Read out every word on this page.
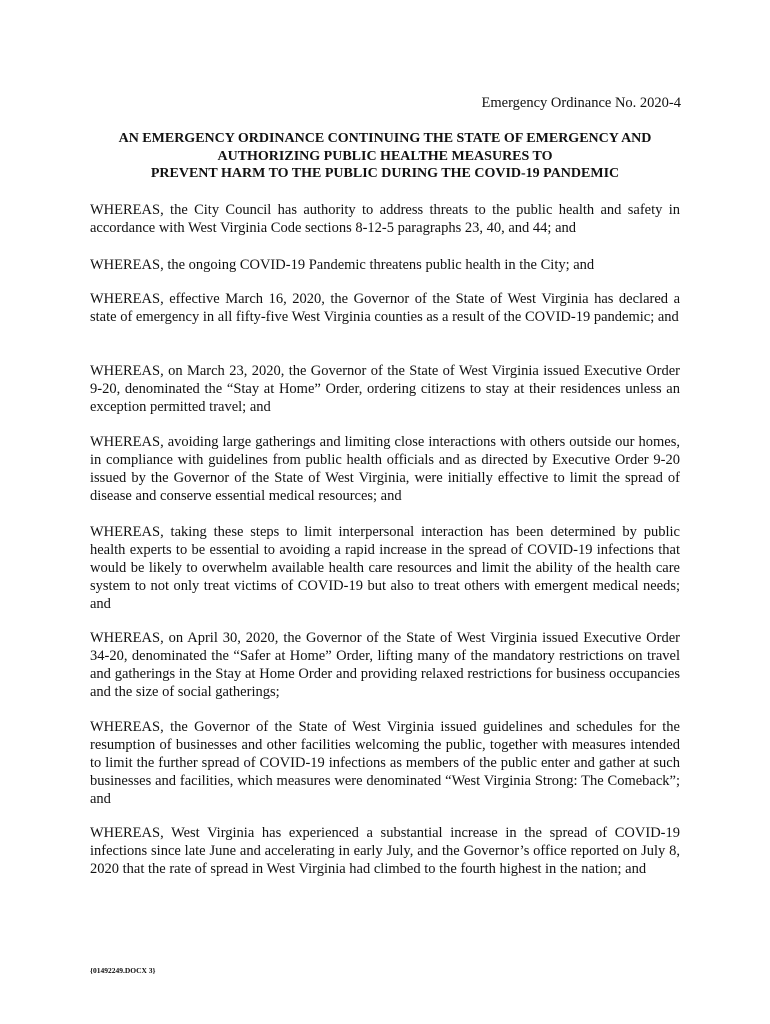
Emergency Ordinance No. 2020-4
AN EMERGENCY ORDINANCE CONTINUING THE STATE OF EMERGENCY AND
AUTHORIZING PUBLIC HEALTHE MEASURES TO
PREVENT HARM TO THE PUBLIC DURING THE COVID-19 PANDEMIC

WHEREAS, the City Council has authority to address threats to the public health and safety in accordance with West Virginia Code sections 8-12-5 paragraphs 23, 40, and 44; and

WHEREAS, the ongoing COVID-19 Pandemic threatens public health in the City; and

WHEREAS, effective March 16, 2020, the Governor of the State of West Virginia has declared a state of emergency in all fifty-five West Virginia counties as a result of the COVID-19 pandemic; and

WHEREAS, on March 23, 2020, the Governor of the State of West Virginia issued Executive Order 9-20, denominated the “Stay at Home” Order, ordering citizens to stay at their residences unless an exception permitted travel; and

WHEREAS, avoiding large gatherings and limiting close interactions with others outside our homes, in compliance with guidelines from public health officials and as directed by Executive Order 9-20 issued by the Governor of the State of West Virginia, were initially effective to limit the spread of disease and conserve essential medical resources; and

WHEREAS, taking these steps to limit interpersonal interaction has been determined by public health experts to be essential to avoiding a rapid increase in the spread of COVID-19 infections that would be likely to overwhelm available health care resources and limit the ability of the health care system to not only treat victims of COVID-19 but also to treat others with emergent medical needs; and

WHEREAS, on April 30, 2020, the Governor of the State of West Virginia issued Executive Order 34-20, denominated the “Safer at Home” Order, lifting many of the mandatory restrictions on travel and gatherings in the Stay at Home Order and providing relaxed restrictions for business occupancies and the size of social gatherings;

WHEREAS, the Governor of the State of West Virginia issued guidelines and schedules for the resumption of businesses and other facilities welcoming the public, together with measures intended to limit the further spread of COVID-19 infections as members of the public enter and gather at such businesses and facilities, which measures were denominated “West Virginia Strong: The Comeback”; and

WHEREAS, West Virginia has experienced a substantial increase in the spread of COVID-19 infections since late June and accelerating in early July, and the Governor’s office reported on July 8, 2020 that the rate of spread in West Virginia had climbed to the fourth highest in the nation; and

{01492249.DOCX 3}
